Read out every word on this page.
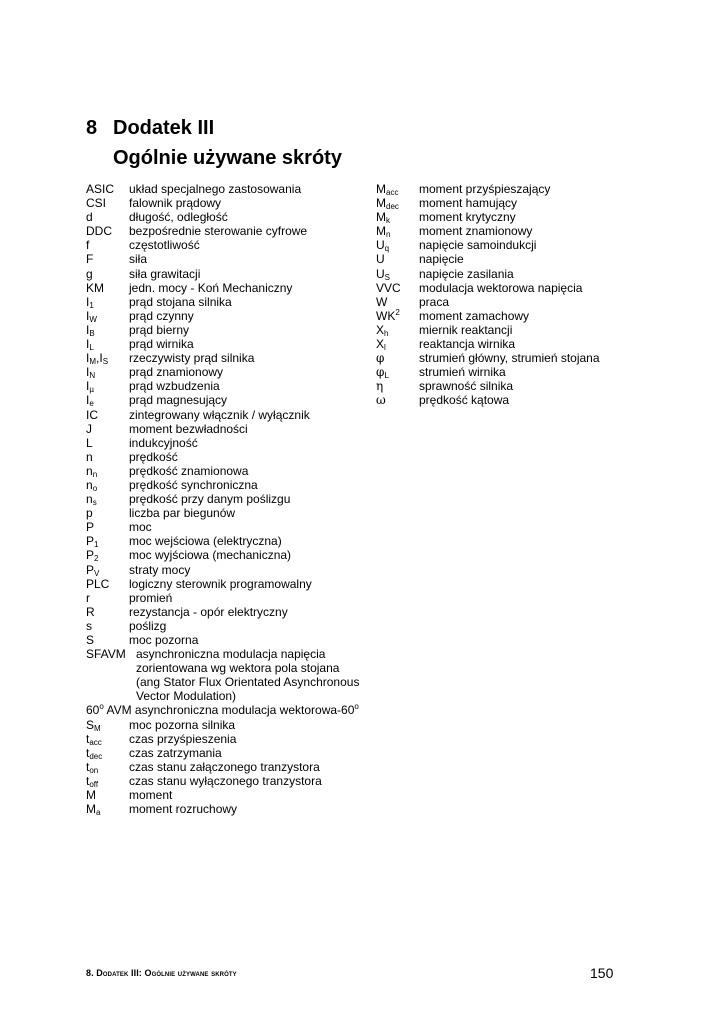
8 Dodatek III
Ogólnie używane skróty
ASIC układ specjalnego zastosowania
CSI falownik prądowy
d	długość, odległość
DDC bezpośrednie sterowanie cyfrowe
f	częstotliwość
F	siła
g	siła grawitacji
KM jedn. mocy - Koń Mechaniczny
$I_1$	prąd stojana silnika
$I_W$	prąd czynny
$I_B$	prąd bierny
$I_L$	prąd wirnika
$I_M,I_S$ rzeczywisty prąd silnika
$I_N$	prąd znamionowy
$I_\mu$	prąd wzbudzenia
$I_e$	prąd magnesujący
IC	zintegrowany włącznik / wyłącznik
J	moment bezwładności
L	indukcyjność
n	prędkość
$n_n$	prędkość znamionowa
$n_o$	prędkość synchroniczna
$n_s$	prędkość przy danym poślizgu
p	liczba par biegunów
P	moc
$P_1$	moc wejściowa (elektryczna)
$P_2$	moc wyjściowa (mechaniczna)
$P_V$ straty mocy
PLC logiczny sterownik programowalny
r	promień
R	rezystancja - opór elektryczny
s	poślizg
S	moc pozorna
SFAVM asynchroniczna modulacja napięcia
zorientowana wg wektora pola stojana
(ang Stator Flux Orientated Asynchronous
Vector Modulation)
60$^o$ AVM asynchroniczna modulacja wektorowa-60$^o$
$S_M$ moc pozorna silnika
$t_{acc}$ czas przyśpieszenia
$t_{dec}$ czas zatrzymania
$t_{on}$	czas stanu załączonego tranzystora
$t_{off}$	czas stanu wyłączonego tranzystora
M	moment
$M_a$ moment rozruchowy
$M_{acc}$ moment przyśpieszający
$M_{dec}$ moment hamujący
$M_k$ moment krytyczny
$M_n$ moment znamionowy
$U_q$ napięcie samoindukcji
U	napięcie
$U_S$ napięcie zasilania
VVC modulacja wektorowa napięcia
W	praca
$WK^2$ moment zamachowy
$X_h$	miernik reaktancji
$X_l$	reaktancja wirnika
φ	strumień główny, strumień stojana
$\varphi_L$	strumień wirnika
η	sprawność silnika
ω	prędkość kątowa
8. Dodatek III: Ogólnie używane skróty	150
